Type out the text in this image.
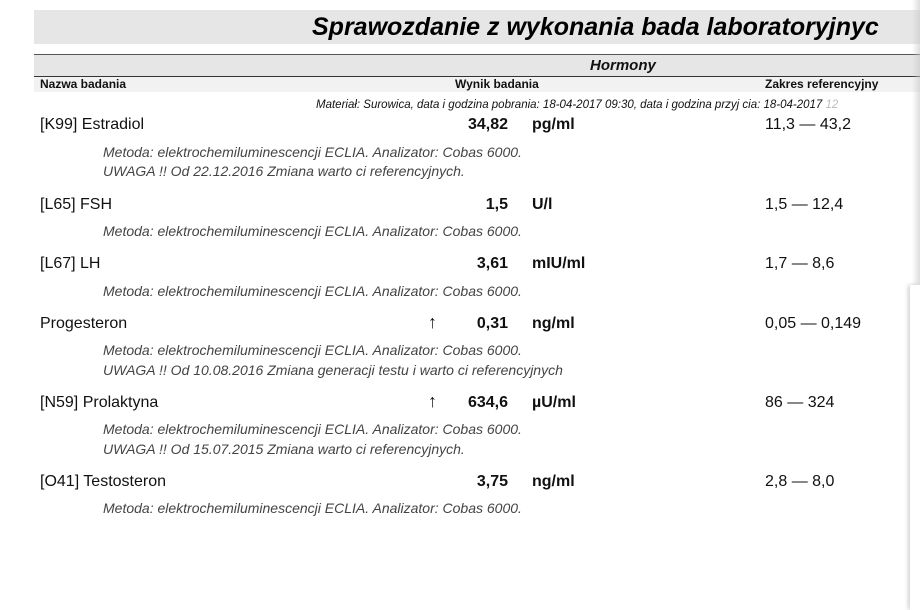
Sprawozdanie z wykonania bada laboratoryjnyc
Hormony
Nazwa badania	Wynik badania	Zakres referencyjny
Materiał: Surowica, data i godzina pobrania: 18-04-2017 09:30, data i godzina przyj cia: 18-04-2017 12
[K99] Estradiol	34,82 pg/ml	11,3 — 43,2
Metoda: elektrochemiluminescencji ECLIA. Analizator: Cobas 6000.
UWAGA !! Od 22.12.2016 Zmiana warto ci referencyjnych.
[L65] FSH	1,5 U/l	1,5 — 12,4
Metoda: elektrochemiluminescencji ECLIA. Analizator: Cobas 6000.
[L67] LH	3,61 mIU/ml	1,7 — 8,6
Metoda: elektrochemiluminescencji ECLIA. Analizator: Cobas 6000.
Progesteron	↑	0,31 ng/ml	0,05 — 0,149
Metoda: elektrochemiluminescencji ECLIA. Analizator: Cobas 6000.
UWAGA !! Od 10.08.2016 Zmiana generacji testu i warto ci referencyjnych
[N59] Prolaktyna	↑	634,6 µU/ml	86 — 324
Metoda: elektrochemiluminescencji ECLIA. Analizator: Cobas 6000.
UWAGA !! Od 15.07.2015 Zmiana warto ci referencyjnych.
[O41] Testosteron	3,75 ng/ml	2,8 — 8,0
Metoda: elektrochemiluminescencji ECLIA. Analizator: Cobas 6000.
